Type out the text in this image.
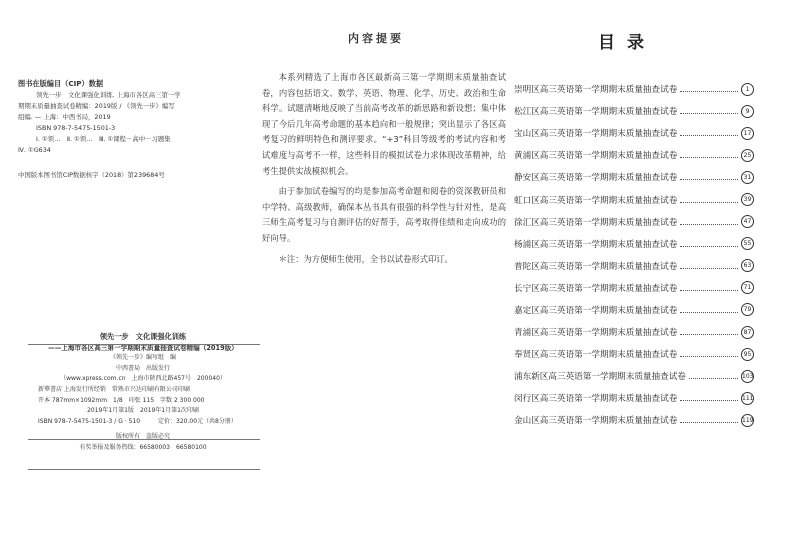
图书在版编目（CIP）数据
领先一步　文化课强化训练. 上海市各区高三第一学
期期末质量抽查试卷精编：2019版 / 《领先一步》编写
组编. — 上海：中西书局，2019
ISBN 978-7-5475-1501-3
Ⅰ. ①领…　Ⅱ. ①领…　Ⅲ. ①课程－高中－习题集
Ⅳ. ①G634
中国版本图书馆CIP数据核字（2018）第239684号
领先一步　文化课强化训练
——上海市各区高三第一学期期末质量抽查试卷精编（2019版）
《领先一步》编写组　编
中西書局　出版发行
（www.xpress.com.cn　上海市陕西北路457号　200040）
新華書店 上海发行所经销　常熟市兴达印刷有限公司印刷
开本 787mm×1092mm　1/8　印张 115　字数 2 300 000
2019年1月第1版　2019年1月第1次印刷
ISBN 978-7-5475-1501-3 / G · 510　　　定价：320.00元（共8分册）
版权所有　盗版必究
有奖举报及服务热线：66580003　66580100
内容提要

本系列精选了上海市各区最新高三第一学期期末质量抽查试卷，内容包括语文、数学、英语、物理、化学、历史、政治和生命科学。试题清晰地反映了当前高考改革的新思路和新设想；集中体现了今后几年高考命题的基本趋向和一般规律；突出显示了各区高考复习的鲜明特色和测评要求。“+3”科目等级考的考试内容和考试难度与高考不一样，这些科目的模拟试卷力求体现改革精神，给考生提供实战模拟机会。

由于参加试卷编写的均是参加高考命题和阅卷的资深教研员和中学特、高级教师，确保本丛书具有很强的科学性与针对性，是高三师生高考复习与自测评估的好帮手，高考取得佳绩和走向成功的好向导。

＊注：为方便师生使用，全书以试卷形式印订。

目录
崇明区高三英语第一学期期末质量抽查试卷	1
松江区高三英语第一学期期末质量抽查试卷	9
宝山区高三英语第一学期期末质量抽查试卷	17
黄浦区高三英语第一学期期末质量抽查试卷	25
静安区高三英语第一学期期末质量抽查试卷	31
虹口区高三英语第一学期期末质量抽查试卷	39
徐汇区高三英语第一学期期末质量抽查试卷	47
杨浦区高三英语第一学期期末质量抽查试卷	55
普陀区高三英语第一学期期末质量抽查试卷	63
长宁区高三英语第一学期期末质量抽查试卷	71
嘉定区高三英语第一学期期末质量抽查试卷	79
青浦区高三英语第一学期期末质量抽查试卷	87
奉贤区高三英语第一学期期末质量抽查试卷	95
浦东新区高三英语第一学期期末质量抽查试卷	103
闵行区高三英语第一学期期末质量抽查试卷	111
金山区高三英语第一学期期末质量抽查试卷	119
